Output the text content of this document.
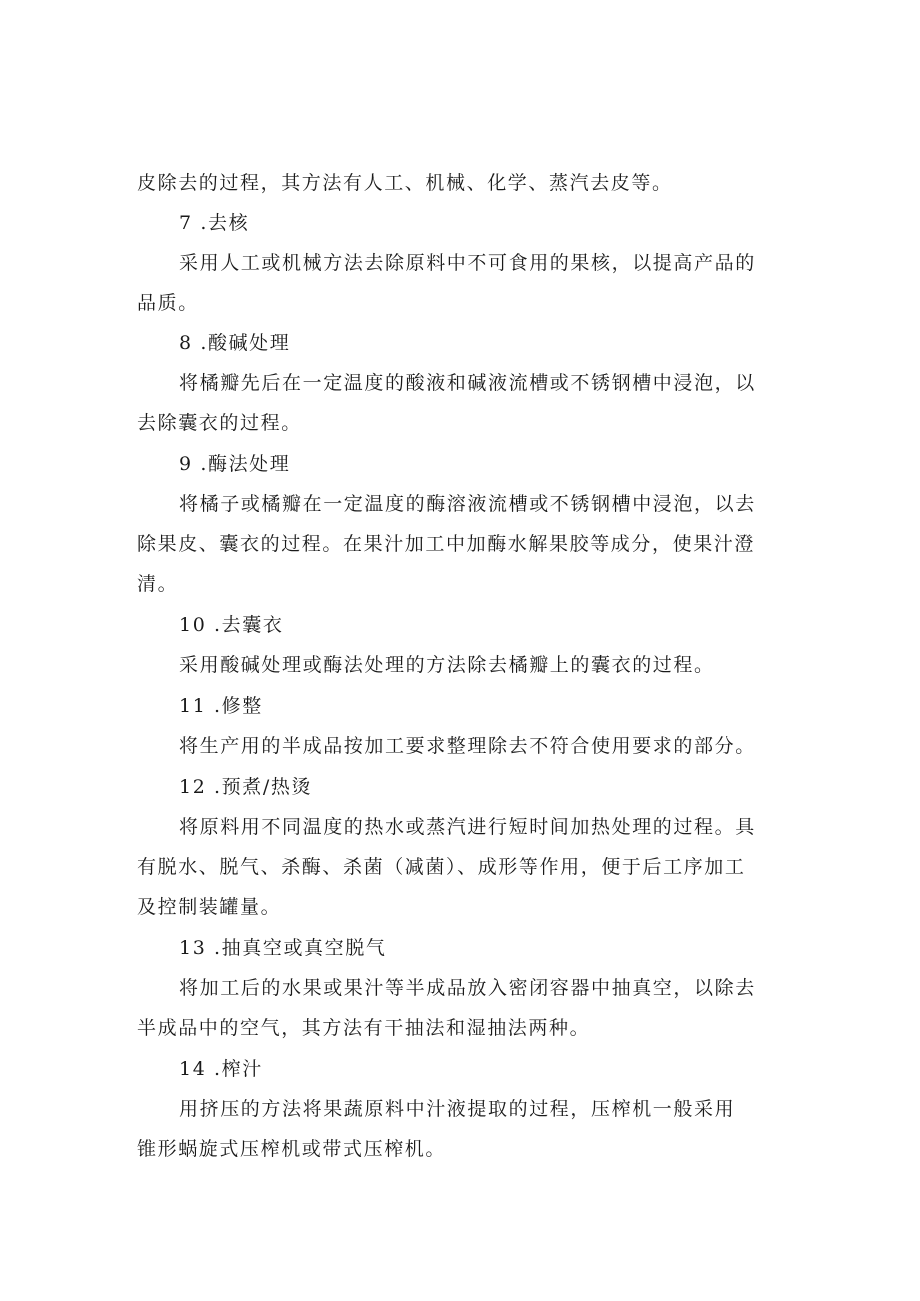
皮除去的过程，其方法有人工、机械、化学、蒸汽去皮等。
7 .去核
采用人工或机械方法去除原料中不可食用的果核，以提高产品的
品质。
8 .酸碱处理
将橘瓣先后在一定温度的酸液和碱液流槽或不锈钢槽中浸泡，以
去除囊衣的过程。
9 .酶法处理
将橘子或橘瓣在一定温度的酶溶液流槽或不锈钢槽中浸泡，以去
除果皮、囊衣的过程。在果汁加工中加酶水解果胶等成分，使果汁澄
清。
10 .去囊衣
采用酸碱处理或酶法处理的方法除去橘瓣上的囊衣的过程。
11 .修整
将生产用的半成品按加工要求整理除去不符合使用要求的部分。
12 .预煮/热烫
将原料用不同温度的热水或蒸汽进行短时间加热处理的过程。具
有脱水、脱气、杀酶、杀菌（减菌）、成形等作用，便于后工序加工
及控制装罐量。
13 .抽真空或真空脱气
将加工后的水果或果汁等半成品放入密闭容器中抽真空，以除去
半成品中的空气，其方法有干抽法和湿抽法两种。
14 .榨汁
用挤压的方法将果蔬原料中汁液提取的过程，压榨机一般采用
锥形蜗旋式压榨机或带式压榨机。
